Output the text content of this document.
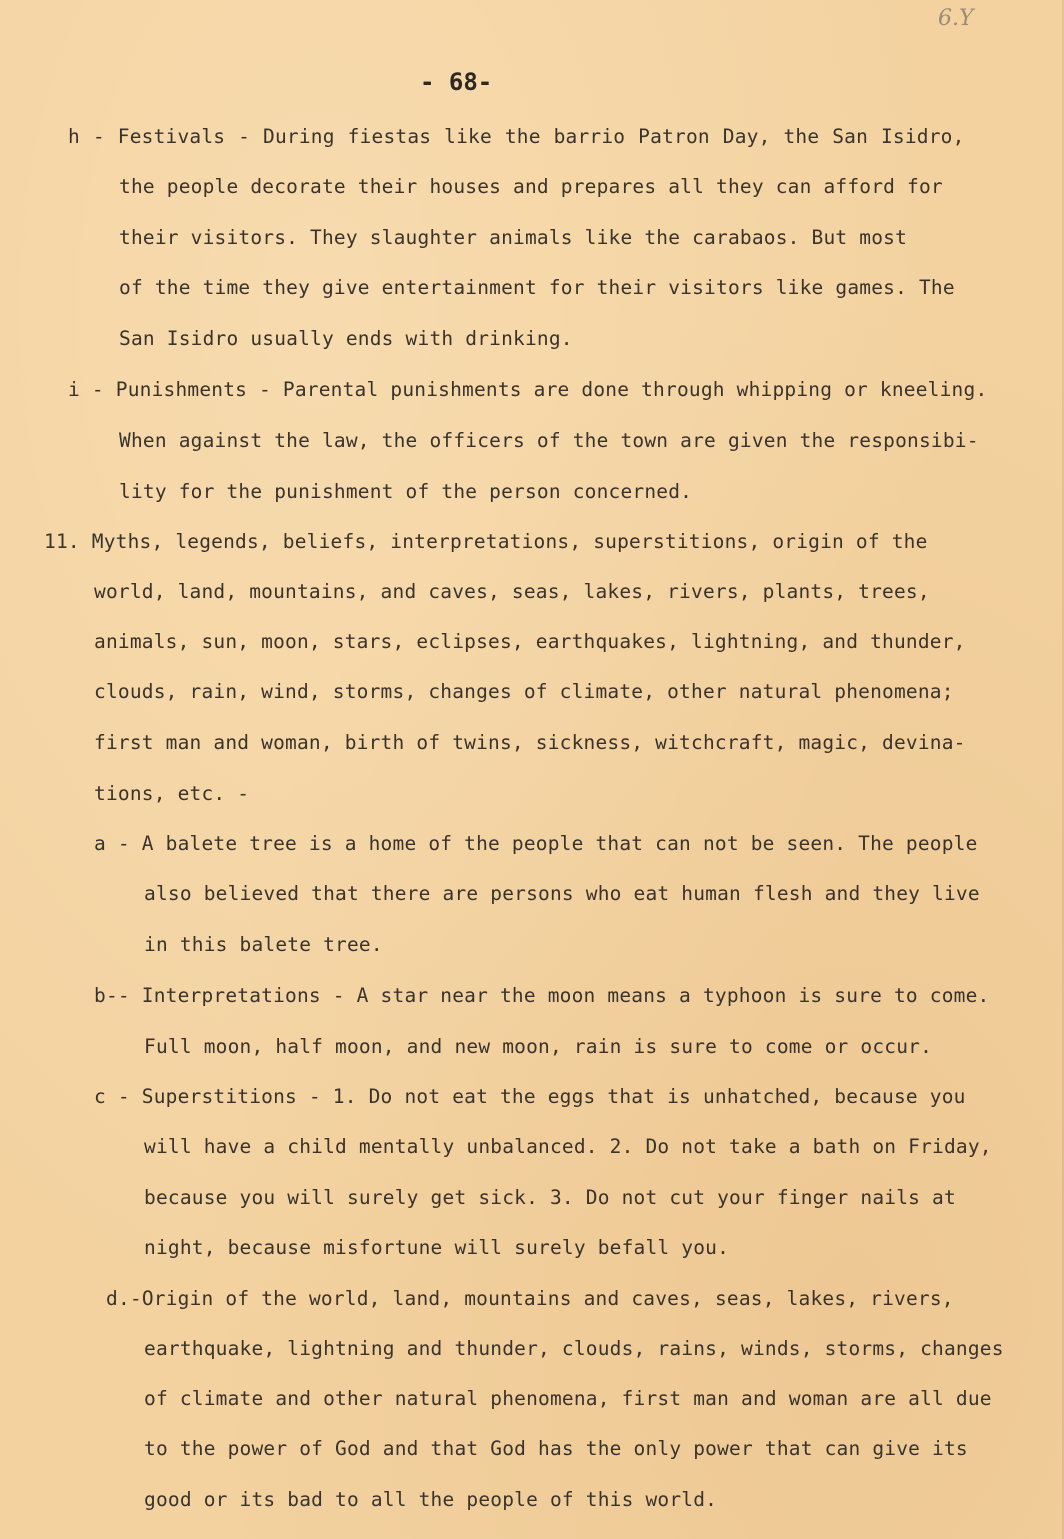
6.Y
- 68-
h - Festivals - During fiestas like the barrio Patron Day, the San Isidro,
the people decorate their houses and prepares all they can afford for
their visitors. They slaughter animals like the carabaos. But most
of the time they give entertainment for their visitors like games. The
San Isidro usually ends with drinking.
i - Punishments - Parental punishments are done through whipping or kneeling.
When against the law, the officers of the town are given the responsibi-
lity for the punishment of the person concerned.
11. Myths, legends, beliefs, interpretations, superstitions, origin of the
world, land, mountains, and caves, seas, lakes, rivers, plants, trees,
animals, sun, moon, stars, eclipses, earthquakes, lightning, and thunder,
clouds, rain, wind, storms, changes of climate, other natural phenomena;
first man and woman, birth of twins, sickness, witchcraft, magic, devina-
tions, etc. -
a - A balete tree is a home of the people that can not be seen. The people
also believed that there are persons who eat human flesh and they live
in this balete tree.
b-- Interpretations - A star near the moon means a typhoon is sure to come.
Full moon, half moon, and new moon, rain is sure to come or occur.
c - Superstitions - 1. Do not eat the eggs that is unhatched, because you
will have a child mentally unbalanced. 2. Do not take a bath on Friday,
because you will surely get sick. 3. Do not cut your finger nails at
night, because misfortune will surely befall you.
d.-Origin of the world, land, mountains and caves, seas, lakes, rivers,
earthquake, lightning and thunder, clouds, rains, winds, storms, changes
of climate and other natural phenomena, first man and woman are all due
to the power of God and that God has the only power that can give its
good or its bad to all the people of this world.
